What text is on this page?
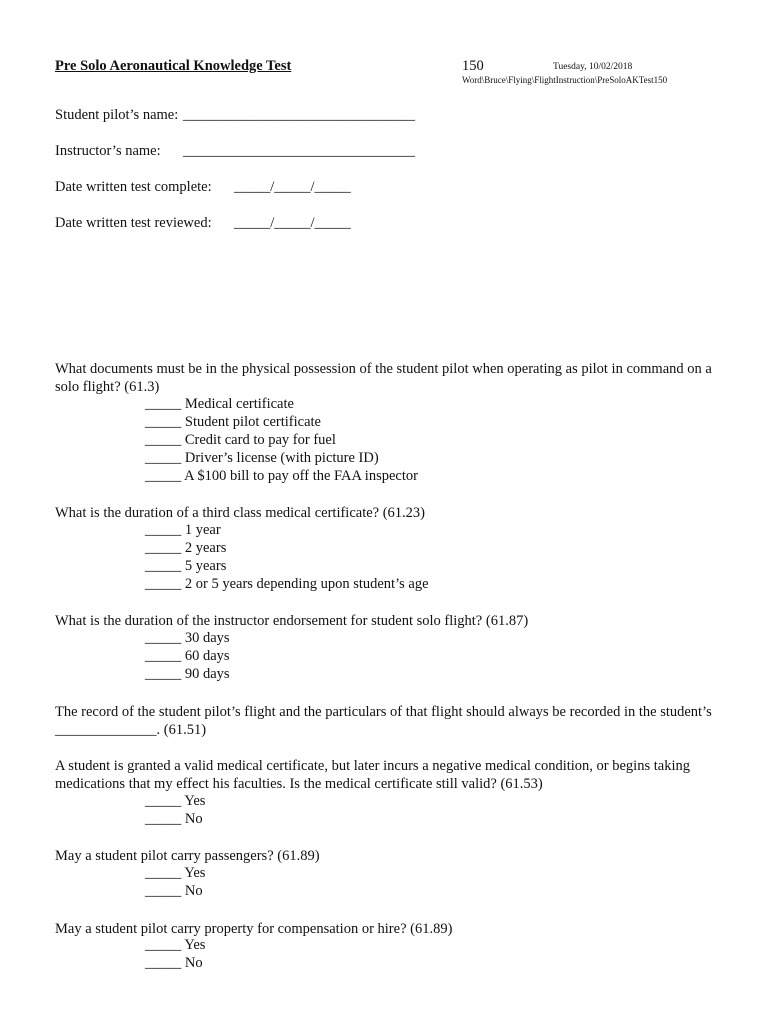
Pre Solo Aeronautical Knowledge Test	150	Tuesday, 10/02/2018
Word\Bruce\Flying\FlightInstruction\PreSoloAKTest150
Student pilot’s name: ________________________________
Instructor’s name: ________________________________
Date written test complete: _____/_____/_____
Date written test reviewed: _____/_____/_____
What documents must be in the physical possession of the student pilot when operating as pilot in command on a solo flight? (61.3)
_____ Medical certificate
_____ Student pilot certificate
_____ Credit card to pay for fuel
_____ Driver’s license (with picture ID)
_____ A $100 bill to pay off the FAA inspector
What is the duration of a third class medical certificate? (61.23)
_____ 1 year
_____ 2 years
_____ 5 years
_____ 2 or 5 years depending upon student’s age
What is the duration of the instructor endorsement for student solo flight? (61.87)
_____ 30 days
_____ 60 days
_____ 90 days
The record of the student pilot’s flight and the particulars of that flight should always be recorded in the student’s ______________. (61.51)
A student is granted a valid medical certificate, but later incurs a negative medical condition, or begins taking medications that my effect his faculties. Is the medical certificate still valid? (61.53)
_____ Yes
_____ No
May a student pilot carry passengers? (61.89)
_____ Yes
_____ No
May a student pilot carry property for compensation or hire? (61.89)
_____ Yes
_____ No
